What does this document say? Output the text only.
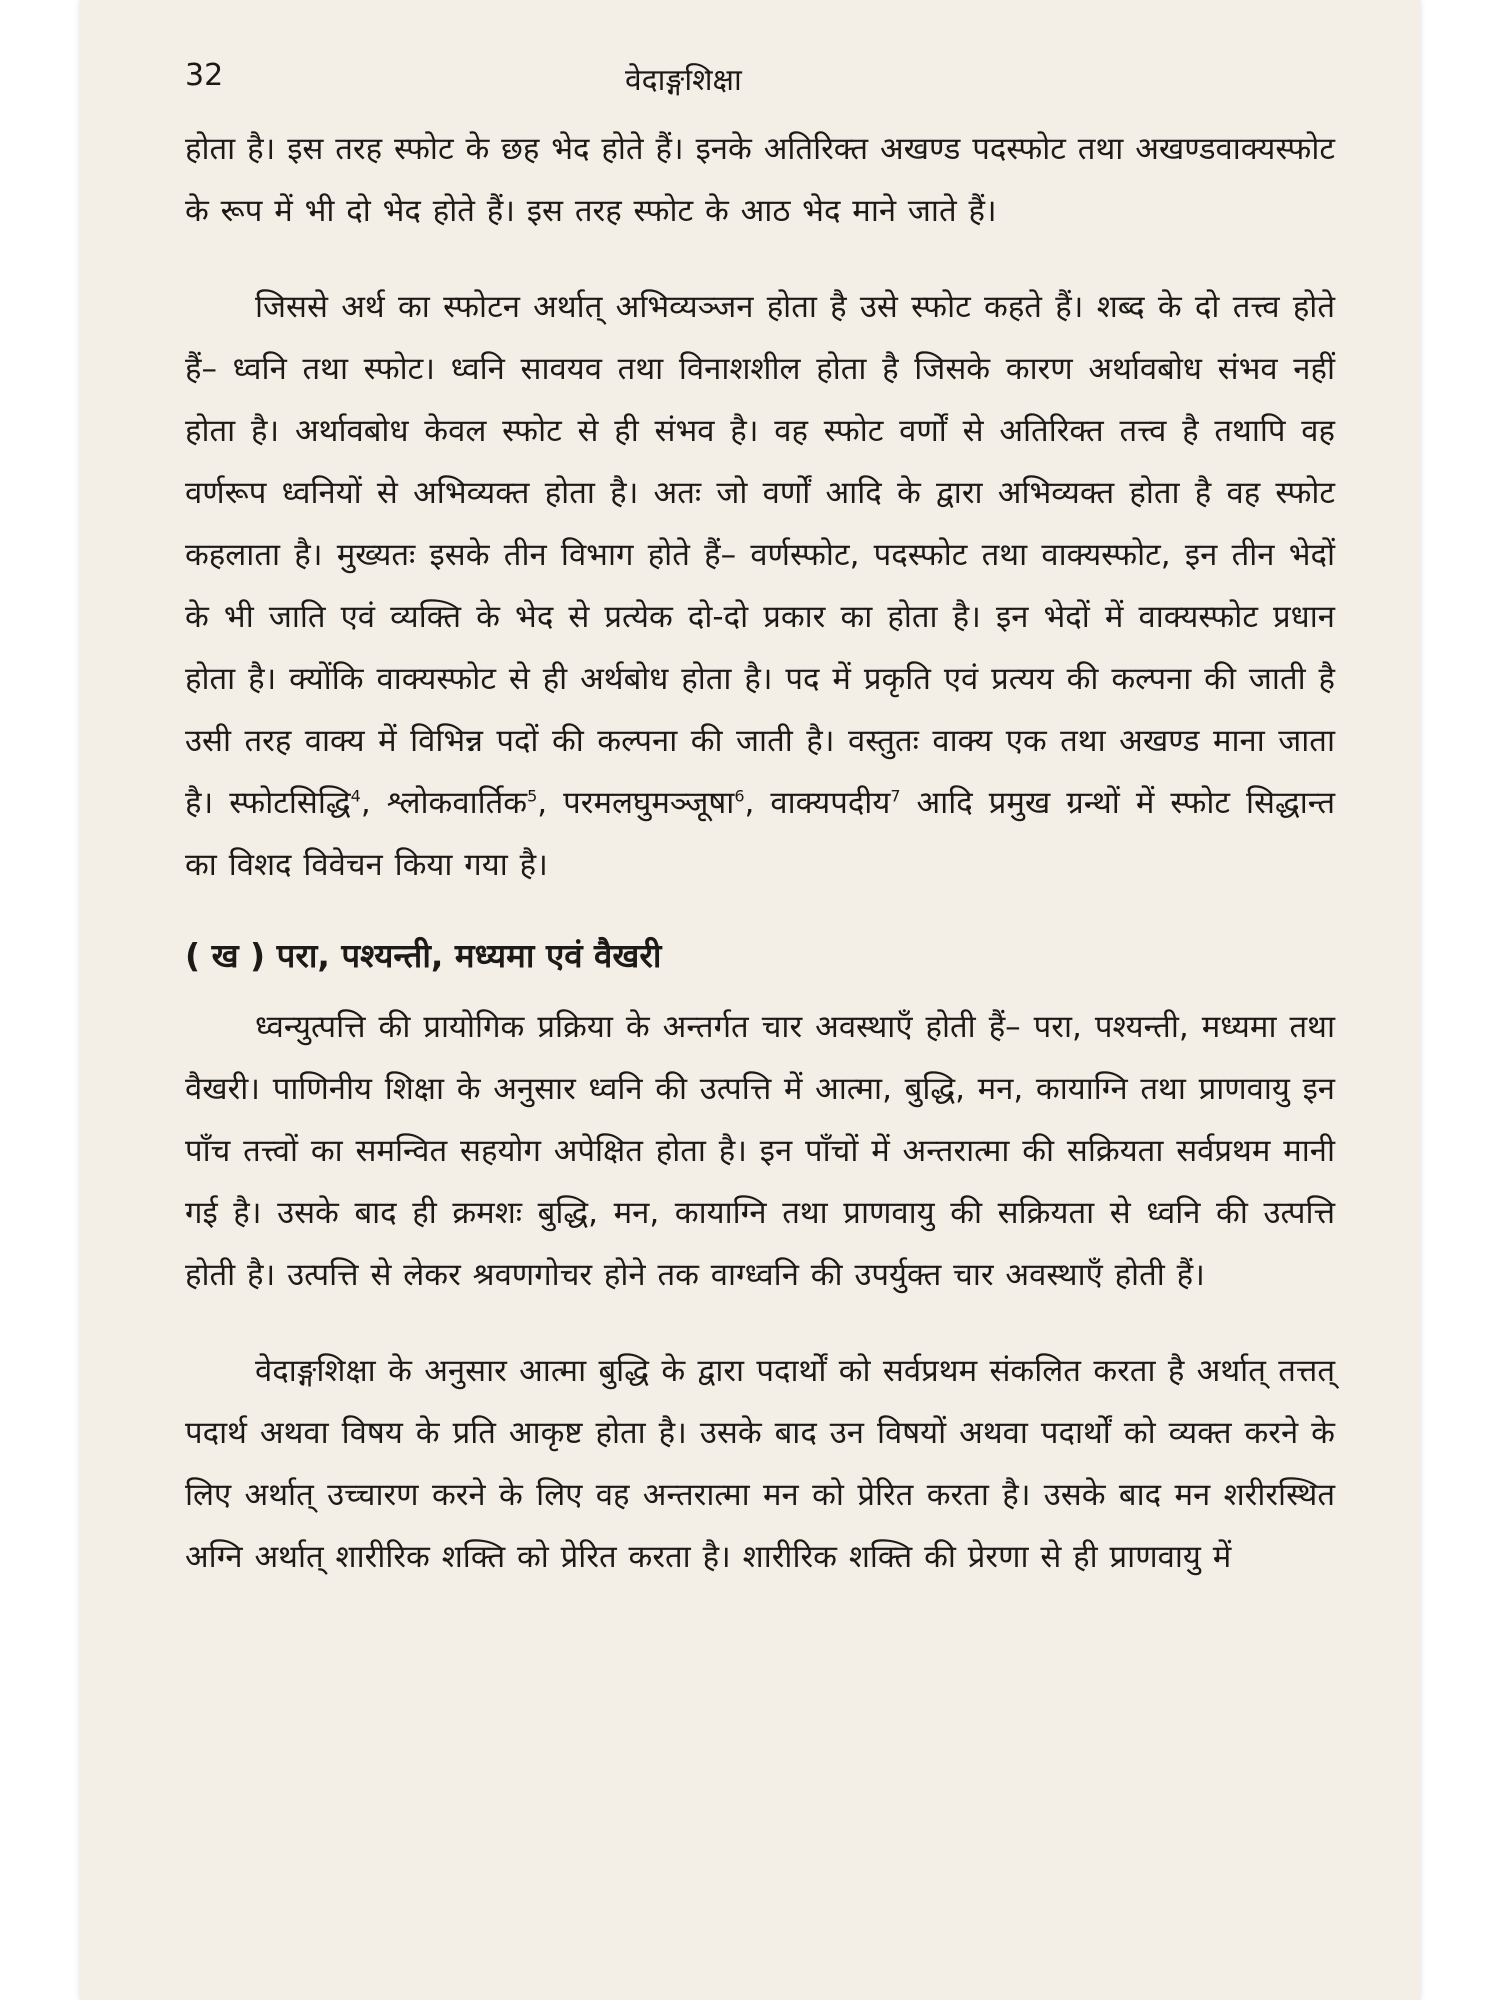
32	वेदाङ्गशिक्षा

होता है। इस तरह स्फोट के छह भेद होते हैं। इनके अतिरिक्त अखण्ड पदस्फोट तथा अखण्डवाक्यस्फोट के रूप में भी दो भेद होते हैं। इस तरह स्फोट के आठ भेद माने जाते हैं।

जिससे अर्थ का स्फोटन अर्थात् अभिव्यञ्जन होता है उसे स्फोट कहते हैं। शब्द के दो तत्त्व होते हैं– ध्वनि तथा स्फोट। ध्वनि सावयव तथा विनाशशील होता है जिसके कारण अर्थावबोध संभव नहीं होता है। अर्थावबोध केवल स्फोट से ही संभव है। वह स्फोट वर्णों से अतिरिक्त तत्त्व है तथापि वह वर्णरूप ध्वनियों से अभिव्यक्त होता है। अतः जो वर्णों आदि के द्वारा अभिव्यक्त होता है वह स्फोट कहलाता है। मुख्यतः इसके तीन विभाग होते हैं– वर्णस्फोट, पदस्फोट तथा वाक्यस्फोट, इन तीन भेदों के भी जाति एवं व्यक्ति के भेद से प्रत्येक दो-दो प्रकार का होता है। इन भेदों में वाक्यस्फोट प्रधान होता है। क्योंकि वाक्यस्फोट से ही अर्थबोध होता है। पद में प्रकृति एवं प्रत्यय की कल्पना की जाती है उसी तरह वाक्य में विभिन्न पदों की कल्पना की जाती है। वस्तुतः वाक्य एक तथा अखण्ड माना जाता है। स्फोटसिद्धि$^4$, श्लोकवार्तिक$^5$, परमलघुमञ्जूषा$^6$, वाक्यपदीय$^7$ आदि प्रमुख ग्रन्थों में स्फोट सिद्धान्त का विशद विवेचन किया गया है।

( ख ) परा, पश्यन्ती, मध्यमा एवं वैखरी

ध्वन्युत्पत्ति की प्रायोगिक प्रक्रिया के अन्तर्गत चार अवस्थाएँ होती हैं– परा, पश्यन्ती, मध्यमा तथा वैखरी। पाणिनीय शिक्षा के अनुसार ध्वनि की उत्पत्ति में आत्मा, बुद्धि, मन, कायाग्नि तथा प्राणवायु इन पाँच तत्त्वों का समन्वित सहयोग अपेक्षित होता है। इन पाँचों में अन्तरात्मा की सक्रियता सर्वप्रथम मानी गई है। उसके बाद ही क्रमशः बुद्धि, मन, कायाग्नि तथा प्राणवायु की सक्रियता से ध्वनि की उत्पत्ति होती है। उत्पत्ति से लेकर श्रवणगोचर होने तक वाग्ध्वनि की उपर्युक्त चार अवस्थाएँ होती हैं।

वेदाङ्गशिक्षा के अनुसार आत्मा बुद्धि के द्वारा पदार्थों को सर्वप्रथम संकलित करता है अर्थात् तत्तत् पदार्थ अथवा विषय के प्रति आकृष्ट होता है। उसके बाद उन विषयों अथवा पदार्थों को व्यक्त करने के लिए अर्थात् उच्चारण करने के लिए वह अन्तरात्मा मन को प्रेरित करता है। उसके बाद मन शरीरस्थित अग्नि अर्थात् शारीरिक शक्ति को प्रेरित करता है। शारीरिक शक्ति की प्रेरणा से ही प्राणवायु में
